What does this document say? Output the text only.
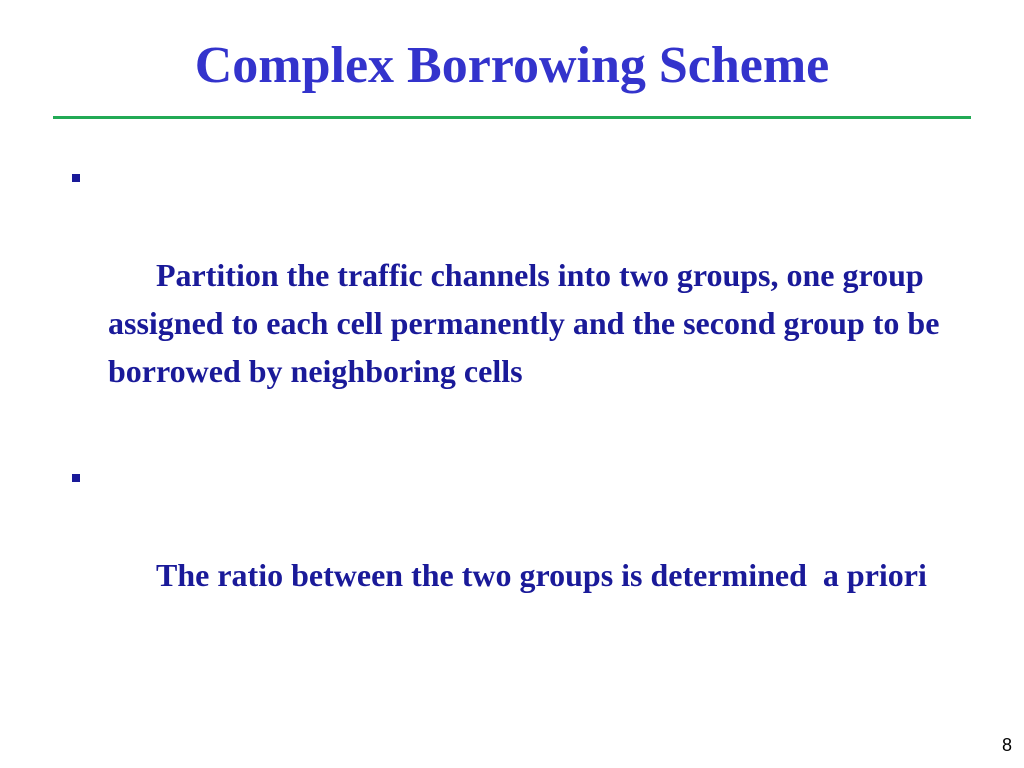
Complex Borrowing Scheme

Partition the traffic channels into two groups, one group assigned to each cell permanently and the second group to be borrowed by neighboring cells

The ratio between the two groups is determined  a priori

8
